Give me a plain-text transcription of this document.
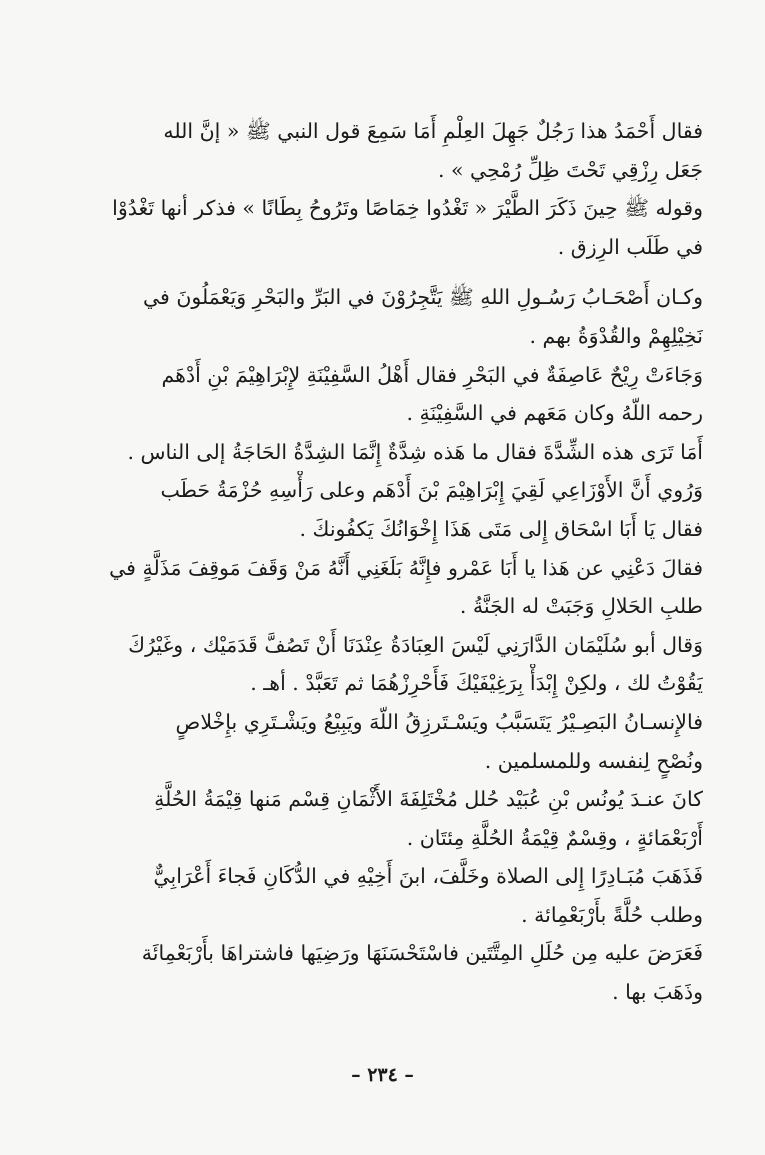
فقال أَحْمَدُ هذا رَجُلٌ جَهِلَ العِلْمِ أَمَا سَمِعَ قول النبي ﷺ « إنَّ الله
جَعَل رِزْقِي تَحْتَ ظِلِّ رُمْحِي » .
وقوله ﷺ حِينَ ذَكَرَ الطَّيْرَ « تَغْدُوا خِمَاصًا وتَرُوحُ بِطَانًا » فذكر أنها تَغْدُوْا
في طَلَب الرِزق .
وكـان أَصْحَـابُ رَسُـولِ اللهِ ﷺ يَتَّجِرُوْنَ في البَرِّ والبَحْرِ وَيَعْمَلُونَ في
نَخِيْلِهِمْ والقُدْوَةُ بهم .
وَجَاءَتْ رِيْحٌ عَاصِفَةٌ في البَحْرِ فقال أَهْلُ السَّفِيْنَةِ لإِبْرَاهِيْمَ بْنِ أَدْهَم
رحمه اللّهُ وكان مَعَهم في السَّفِيْنَةِ .
أَمَا تَرَى هذه الشِّدَّةَ فقال ما هَذه شِدَّةٌ إِنَّمَا الشِدَّةُ الحَاجَةُ إلى الناس .
وَرُوي أَنَّ الأَوْزَاعِي لَقِيَ إِبْرَاهِيْمَ بْنَ أَدْهَم وعلى رَأْسِهِ حُزْمَةُ حَطَب
فقال يَا أَبَا اسْحَاق إِلى مَتَى هَذَا إِخْوَانُكَ يَكفُونكَ .
فقالَ دَعْنِي عن هَذا يا أَبَا عَمْرو فإِنَّهُ بَلَغَنِي أَنَّهُ مَنْ وَقَفَ مَوقِفَ مَذَلَّةٍ في
طلبِ الحَلالِ وَجَبَتْ له الجَنَّةُ .
وَقال أبو سُلَيْمَان الدَّارَنِي لَيْسَ العِبَادَةُ عِنْدَنَا أَنْ تَصُفَّ قَدَمَيْك ، وغَيْرُكَ
يَقُوْتُ لك ، ولكِنْ إِبْدَأْ بِرَغِيْفَيْكَ فَأَحْرِزْهُمَا ثم تَعَبَّدْ . أهـ .
فالإِنسـانُ البَصِـيْرُ يَتَسَبَّبُ ويَسْـتَرزِقُ اللّهَ ويَبِيْعُ ويَشْـتَرِي بإِخْلاصٍ
ونُصْحٍ لِنفسه وللمسلمين .
كانَ عنـدَ يُونُس بْنِ عُبَيْد حُلل مُخْتَلِفَةَ الأَثْمَانِ قِسْم مَنها قِيْمَةُ الحُلَّةِ
أَرْبَعْمَائةٍ ، وقِسْمٌ قِيْمَةُ الحُلَّةِ مِئتَان .
فَذَهَبَ مُبَـادِرًا إِلى الصلاة وخَلَّفَ، ابنَ أَخِيْهِ في الدُّكَانِ فَجاءَ أَعْرَابِيٌّ
وطلب حُلَّةً بأَرْبَعْمِائة .
فَعَرَضَ عليه مِن حُلَلِ المِتَّتَين فاسْتَحْسَنَهَا ورَضِيَها فاشتراهَا بأَرْبَعْمِائَة
وذَهَبَ بها .
– ٢٣٤ –
